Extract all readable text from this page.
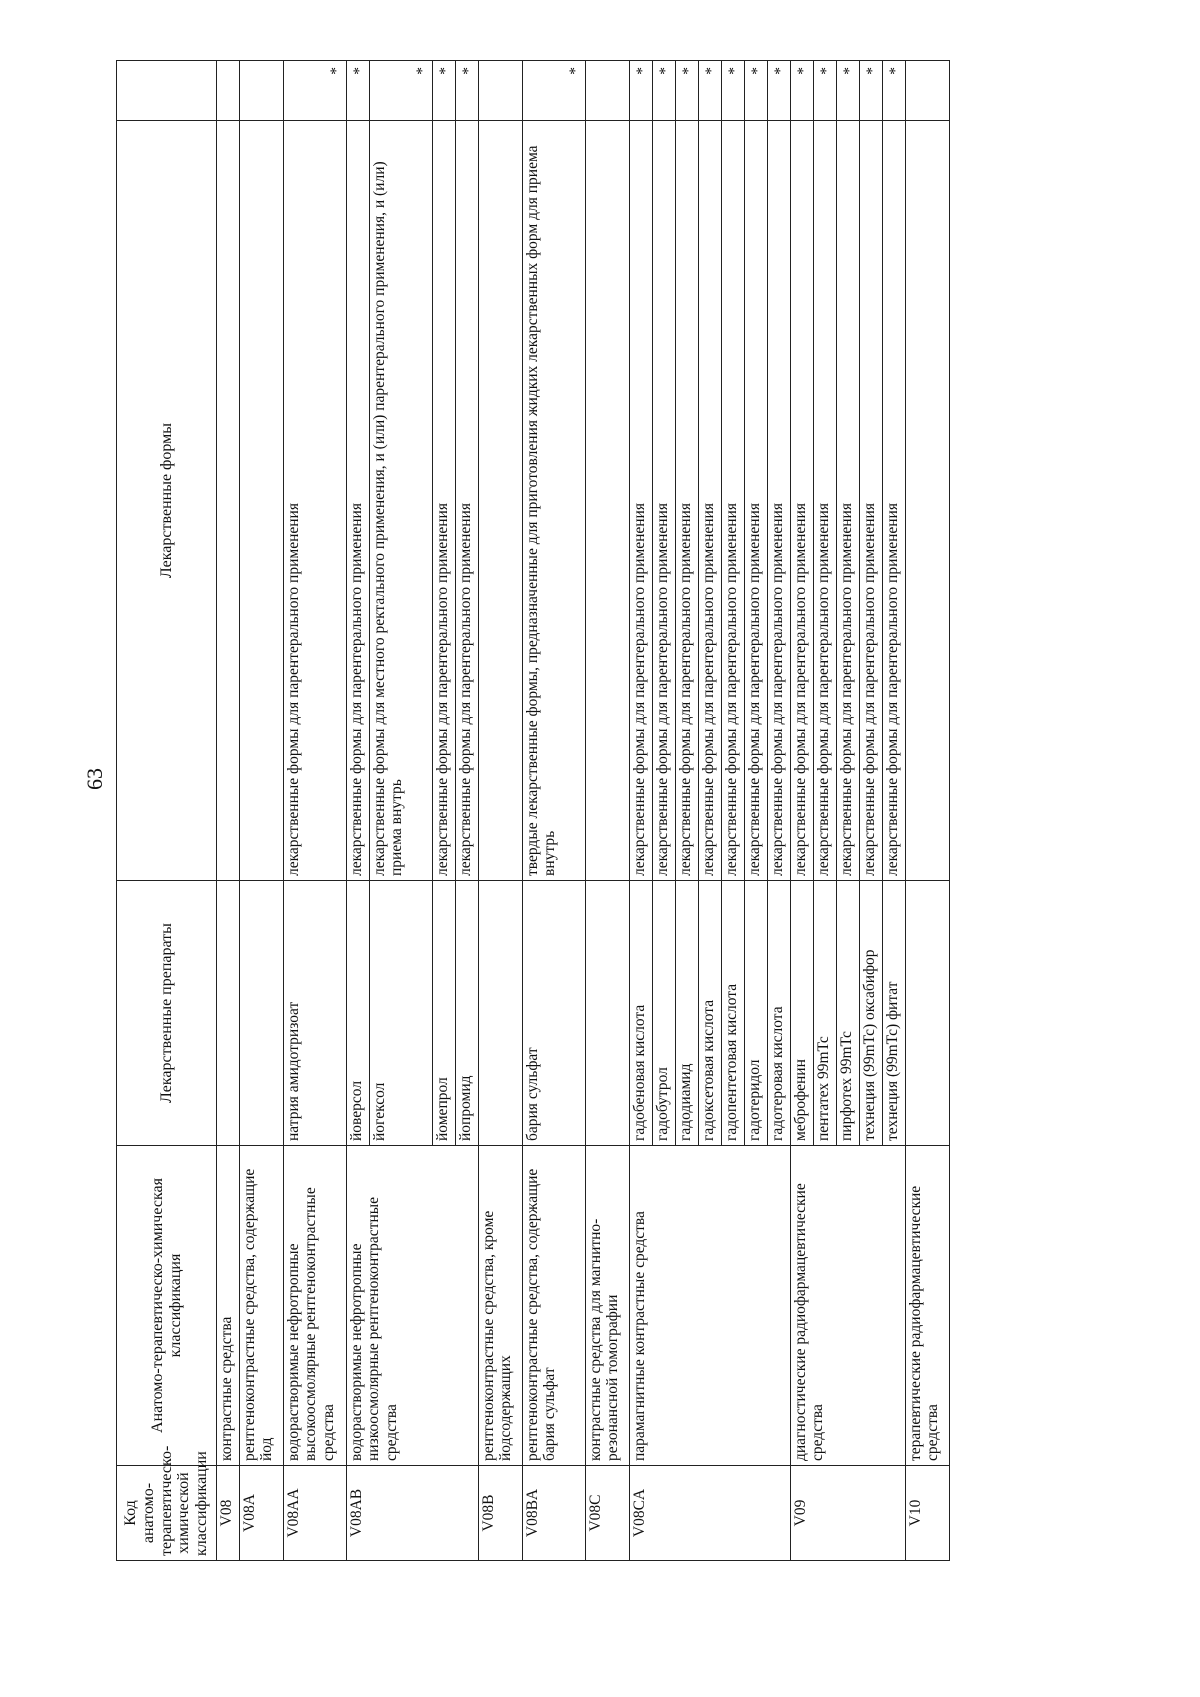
63
Код анатомо-терапевтическо-химической классификации	Анатомо-терапевтическо-химическая классификация	Лекарственные препараты	Лекарственные формы	
V08	контрастные средства			
V08A	рентгеноконтрастные средства, содержащие йод			
V08AA	водорастворимые нефротропные высокоосмолярные рентгеноконтрастные средства	натрия амидотризоат	лекарственные формы для парентерального применения	*
V08AB	водорастворимые нефротропные низкоосмолярные рентгеноконтрастные средства	йоверсол	лекарственные формы для парентерального применения	*
		йогексол	лекарственные формы для местного ректального применения, и (или) парентерального применения, и (или) приема внутрь	*
		йомепрол	лекарственные формы для парентерального применения	*
		йопромид	лекарственные формы для парентерального применения	*
V08B	рентгеноконтрастные средства, кроме йодсодержащих			
V08BA	рентгеноконтрастные средства, содержащие бария сульфат	бария сульфат	твердые лекарственные формы, предназначенные для приготовления жидких лекарственных форм для приема внутрь	*
V08C	контрастные средства для магнитно-резонансной томографии			
V08CA	парамагнитные контрастные средства	гадобеновая кислота	лекарственные формы для парентерального применения	*
		гадобутрол	лекарственные формы для парентерального применения	*
		гадодиамид	лекарственные формы для парентерального применения	*
		гадоксетовая кислота	лекарственные формы для парентерального применения	*
		гадопентетовая кислота	лекарственные формы для парентерального применения	*
		гадотеридол	лекарственные формы для парентерального применения	*
		гадотеровая кислота	лекарственные формы для парентерального применения	*
V09	диагностические радиофармацевтические средства	меброфенин	лекарственные формы для парентерального применения	*
		пентатех 99mTc	лекарственные формы для парентерального применения	*
		пирфотех 99mTc	лекарственные формы для парентерального применения	*
		технеция (99mTc) оксабифор	лекарственные формы для парентерального применения	*
		технеция (99mTc) фитат	лекарственные формы для парентерального применения	*
V10	терапевтические радиофармацевтические средства			
